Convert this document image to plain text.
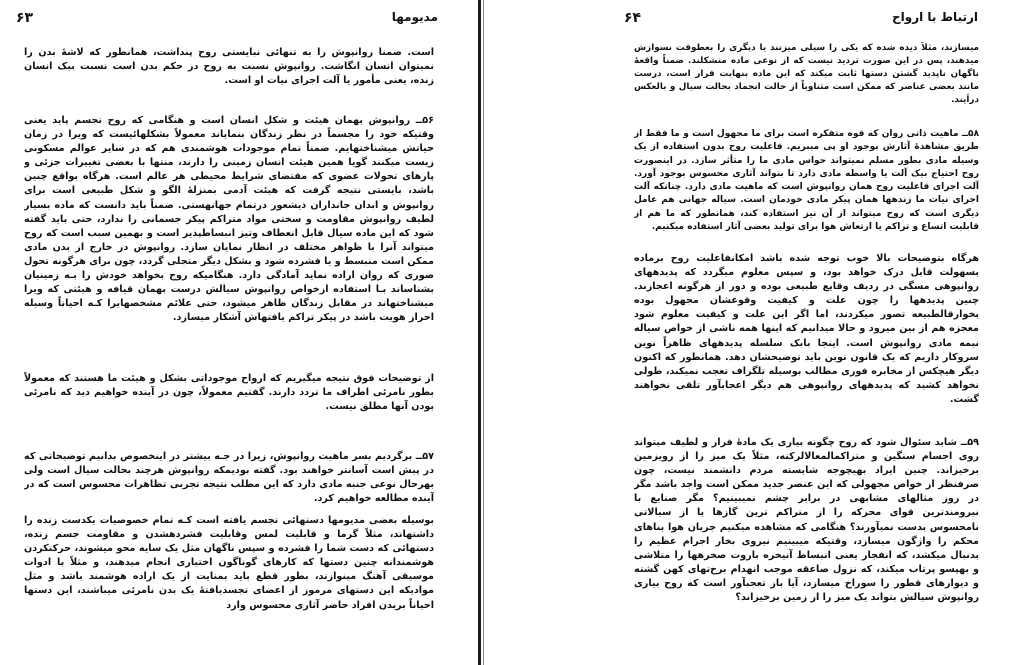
مدیومها
۶۳

است. ضمنا روانپوش را به تنهائی نبایستی روح پنداشت، همانطور که لاشهٔ بدن را نمیتوان انسان انگاشت. روانپوش نسبت به روح در حکم بدن است نسبت بیک انسان زنده، یعنی مأمور یا آلت اجرای نیات او است.

۵۶ــ روانپوش بهمان هیئت و شکل انسان است و هنگامی که روح تجسم پاید یعنی وقتیکه خود را مجسماً در نظر زندگان بنمایاند معمولاً بشکلهائیست که ویرا در زمان حیاتش میشناختهایم. ضمناً تمام موجودات هوشمندی هم که در سایر عوالم مسکونی زیست میکنند گویا همین هیئت انسان زمینی را دارند، منتها با بعضی تغییرات جزئی و پارهای تحولات عضوی که مقتضای شرایط محیطی هر عالم است. هرگاه بواقع چنین باشد، بایستی نتیجه گرفت که هیئت آدمی بمنزلهٔ الگو و شکل طبیعی است برای روانپوش و ابدان جانداران ذیشعور درتمام جهانهستی. ضمناً باید دانست که ماده بسیار لطیف روانپوش مقاومت و سختی مواد متراکم پیکر جسمانی را ندارد، حتی باید گفته شود که این ماده سیال قابل انعطاف وتیز انبساطپذیر است و بهمین سبب است که روح میتواند آنرا با ظواهر مختلف در انظار نمایان سازد. روانپوش در خارج از بدن مادی ممکن است منبسط و یا فشرده شود و بشکل دیگر متجلی گردد، چون برای هرگونه تحول صوری که روان اراده نماید آمادگی دارد. هنگامیکه روح بخواهد خودش را بـه زمینیان بشناساند بـا استفاده ازخواص روانپوش سیالش درست بهمان قیافه و هیئتی که ویرا میشناختهاند در مقابل زندگان ظاهر میشود، حتی علائم مشخصهایرا کـه احیاناً وسیله احراز هویت باشد در پیکر تراکم یافتهاش آشکار میسازد.

از توضیحات فوق نتیجه میگیریم که ارواح موجوداتی بشکل و هیئت ما هستند که معمولاً بطور نامرئی اطراف ما تردد دارند. گفتیم معمولاً، چون در آینده خواهیم دید که نامرئی بودن آنها مطلق نیست.

۵۷ــ برگردیم بسر ماهیت روانپوش، زیرا در جـه بیشتر در اینخصوص بدانیم توضیحاتی که در پیش است آسانتر خواهند بود. گفته بودیمکه روانپوش هرچند بحالت سیال است ولی بهرحال نوعی جنبه مادی دارد که این مطلب نتیجه تجربی تظاهرات محسوس است که در آینده مطالعه خواهیم کرد.

بوسیله بعضی مدیومها دستهائی تجسم یافته است کـه تمام خصوصیات یکدست زنده را داشتهاند، مثلاً گرما و قابلیت لمس وقابلیت فشردهشدن و مقاومت جسم زنده، دستهائی که دست شما را فشرده و سپس ناگهان مثل یک سایه محو میشوند، حرکتکردن هوشمندانه چنین دستها که کارهای گوناگون اختیاری انجام میدهند، و مثلاً با ادوات موسیقی آهنگ مینوازند، بطور قطع باید بمنایت از یک اراده هوشمند باشد و مثل موادیکه این دستهای مرموز از اعضای تجسدیافتهٔ یک بدن نامرئی میباشند، این دستها احیاناً بریدن افراد حاضر آثاری محسوس وارد

ارتباط با ارواح
۶۴

میسازند، مثلاً دیده شده که یکی را سیلی میزنند یا دیگری را بعطوفت نسوازش میدهند، پس در این صورت تردید نیست که از نوعی ماده متشکلند. ضمناً واقعهٔ ناگهان ناپدید گشتن دستها ثابت میکند که این ماده بنهایت فرار است، درست مانند بعضی عناصر که ممکن است متناوباً از حالت انجماد بحالت سیال و بالعکس دراَیند.

۵۸ــ ماهیت ذاتی روان که قوه متفکره است برای ما مجهول است و ما فقط از طریق مشاهدهٔ آثارش بوجود او پی میبریم. فاعلیت روح بدون استفاده از یک وسیله مادی بطور مسلم نمیتواند حواس مادی ما را متأثر سازد. در اینصورت روح احتیاج بیک آلت یا واسطه مادی دارد تا بتواند آثاری محسوس بوجود آورد. آلت اجرای فاعلیت روح همان روانپوش است که ماهیت مادی دارد. چنانکه آلت اجرای نیات ما زندهها همان پیکر مادی خودمان است. سیاله جهانی هم عامل دیگری است که روح میتواند از آن نیز استفاده کند، همانطور که ما هم از قابلیت اتساع و تراکم یا ارتعاش هوا برای تولید بعضی آثار استفاده میکنیم.

هرگاه بتوضیحات بالا خوب توجه شده باشد امکانفاعلیت روح برماده بسهولت قابل درک خواهد بود، و سپس معلوم میگردد که پدیدههای روانپوهی مسگی در ردیف وقایع طبیعی بوده و دور از هرگونه اعجازند. چنین پدیدهها را چون علت و کیفیت وقوعشان مجهول بوده بخوارقالطبیعه تصور میکردند، اما اگر این علت و کیفیت معلوم شود معجزه هم از بین میرود و حالا میدانیم که اینها همه ناشی از خواص سیاله نیمه مادی روانپوش است. اینجا بابک سلسله پدیدههای ظاهراً نوین سروکار داریم که یک قانون نوین باید توضیحشان دهد. همانطور که اکنون دیگر هیچکس از مخابره فوری مطالب بوسیله تلگراف تعجب نمیکند، طولی نخواهد کشید که پدیدههای روانپوهی هم دیگر اعجابآور تلقی نخواهند گشت.

۵۹ــ شاید سئوال شود که روح چگونه بیاری یک مادهٔ فرار و لطیف میتواند روی اجسام سنگین و متراکمالمعالالرکنه، مثلاً یک میز را از رویزمین برخیزاند. چنین ایراد بهیچوجه شایسته مردم دانشمند نیست، چون صرفنظر از خواص مجهولی که این عنصر جدید ممکن است واجد باشد مگر در روز مثالهای مشابهی در برابر چشم نمیبینیم؟ مگر صنایع با نیرومندترین قوای محرکه را از متراکم ترین گازها یا از سیالاتی نامحسوس بدست نمیآورند؟ هنگامی که مشاهده میکنیم جریان هوا بناهای محکم را واژگون میسازد، وقتیکه میبینیم نیروی بخار اجرام عظیم را بدنبال میکشد، که انفجار یعنی انبساط آنیخره باروت صخرهها را متلاشی و بهپسو پرتاب میکند، که نزول صاعقه موجب انهدام برخ‌تهای کهن گشته و دیوارهای قطور را سوراخ میسازد، آیا باز تعجبآور است که روح بیاری روانپوش سیالش بتواند یک میز را از زمین برخیزاند؟
